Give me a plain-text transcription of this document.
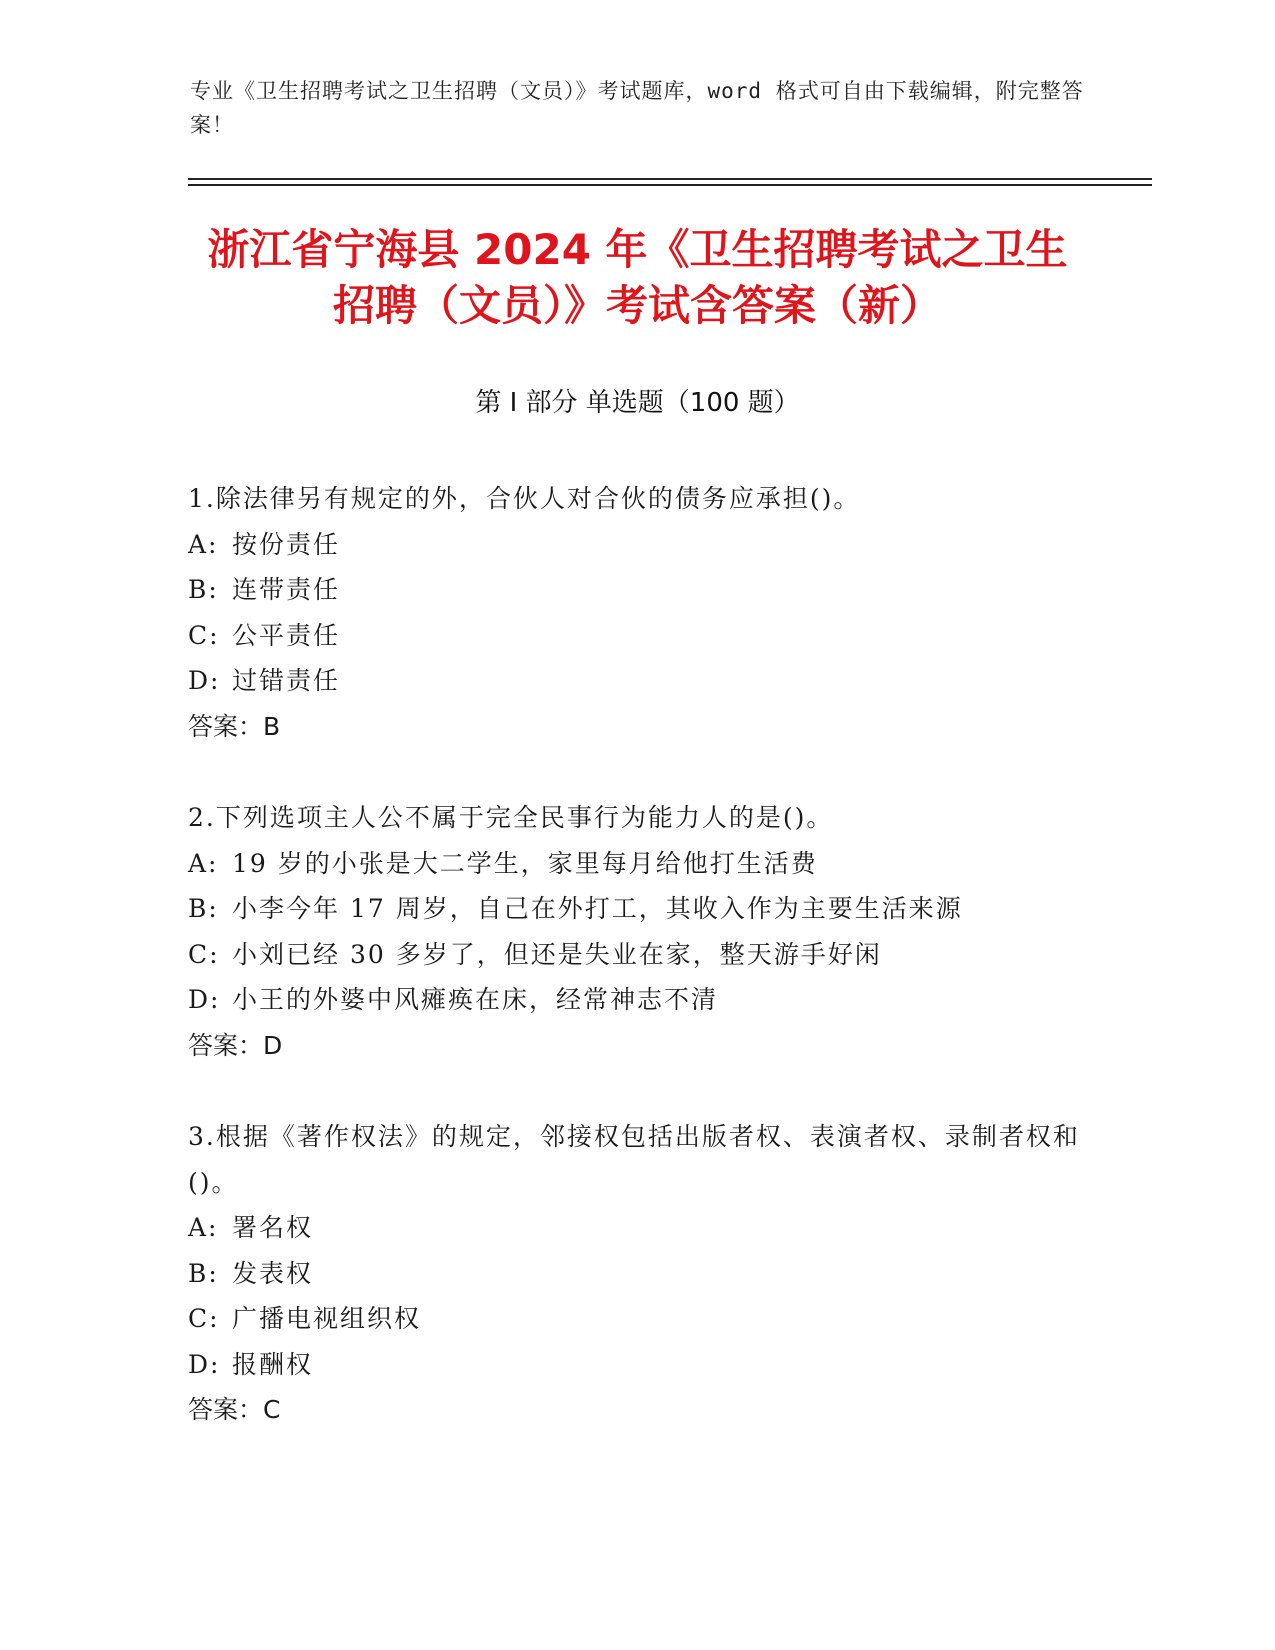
专业《卫生招聘考试之卫生招聘（文员）》考试题库，word 格式可自由下载编辑，附完整答案！
浙江省宁海县 2024 年《卫生招聘考试之卫生
招聘（文员）》考试含答案（新）
第 I 部分 单选题（100 题）
1.除法律另有规定的外，合伙人对合伙的债务应承担()。
A: 按份责任
B: 连带责任
C: 公平责任
D: 过错责任
答案：B
2.下列选项主人公不属于完全民事行为能力人的是()。
A: 19 岁的小张是大二学生，家里每月给他打生活费
B: 小李今年 17 周岁，自己在外打工，其收入作为主要生活来源
C: 小刘已经 30 多岁了，但还是失业在家，整天游手好闲
D: 小王的外婆中风瘫痪在床，经常神志不清
答案：D
3.根据《著作权法》的规定，邻接权包括出版者权、表演者权、录制者权和()。
A: 署名权
B: 发表权
C: 广播电视组织权
D: 报酬权
答案：C
